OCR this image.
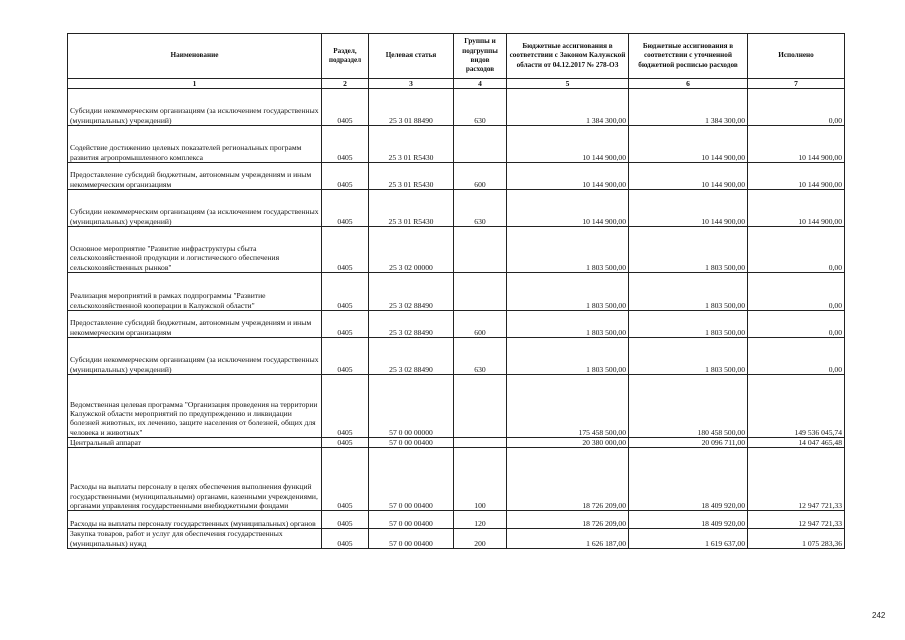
Наименование	Раздел, подраздел	Целевая статья	Группы и подгруппы видов расходов	Бюджетные ассигнования в соответствии с Законом Калужской области от 04.12.2017 № 278-ОЗ	Бюджетные ассигнования в соответствии с уточненной бюджетной росписью расходов	Исполнено
1	2	3	4	5	6	7
Субсидии некоммерческим организациям (за исключением государственных (муниципальных) учреждений)	0405	25 3 01 88490	630	1 384 300,00	1 384 300,00	0,00
Содействие достижению целевых показателей региональных программ развития агропромышленного комплекса	0405	25 3 01 R5430		10 144 900,00	10 144 900,00	10 144 900,00
Предоставление субсидий бюджетным, автономным учреждениям и иным некоммерческим организациям	0405	25 3 01 R5430	600	10 144 900,00	10 144 900,00	10 144 900,00
Субсидии некоммерческим организациям (за исключением государственных (муниципальных) учреждений)	0405	25 3 01 R5430	630	10 144 900,00	10 144 900,00	10 144 900,00
Основное мероприятие "Развитие инфраструктуры сбыта сельскохозяйственной продукции и логистического обеспечения сельскохозяйственных рынков"	0405	25 3 02 00000		1 803 500,00	1 803 500,00	0,00
Реализация мероприятий в рамках подпрограммы "Развитие сельскохозяйственной кооперации в Калужской области"	0405	25 3 02 88490		1 803 500,00	1 803 500,00	0,00
Предоставление субсидий бюджетным, автономным учреждениям и иным некоммерческим организациям	0405	25 3 02 88490	600	1 803 500,00	1 803 500,00	0,00
Субсидии некоммерческим организациям (за исключением государственных (муниципальных) учреждений)	0405	25 3 02 88490	630	1 803 500,00	1 803 500,00	0,00
Ведомственная целевая программа "Организация проведения на территории Калужской области мероприятий по предупреждению и ликвидации болезней животных, их лечению, защите населения от болезней, общих для человека и животных"	0405	57 0 00 00000		175 458 500,00	180 458 500,00	149 536 045,74
Центральный аппарат	0405	57 0 00 00400		20 380 000,00	20 096 711,00	14 047 465,48
Расходы на выплаты персоналу в целях обеспечения выполнения функций государственными (муниципальными) органами, казенными учреждениями, органами управления государственными внебюджетными фондами	0405	57 0 00 00400	100	18 726 209,00	18 409 920,00	12 947 721,33
Расходы на выплаты персоналу государственных (муниципальных) органов	0405	57 0 00 00400	120	18 726 209,00	18 409 920,00	12 947 721,33
Закупка товаров, работ и услуг для обеспечения государственных (муниципальных) нужд	0405	57 0 00 00400	200	1 626 187,00	1 619 637,00	1 075 283,36
242
